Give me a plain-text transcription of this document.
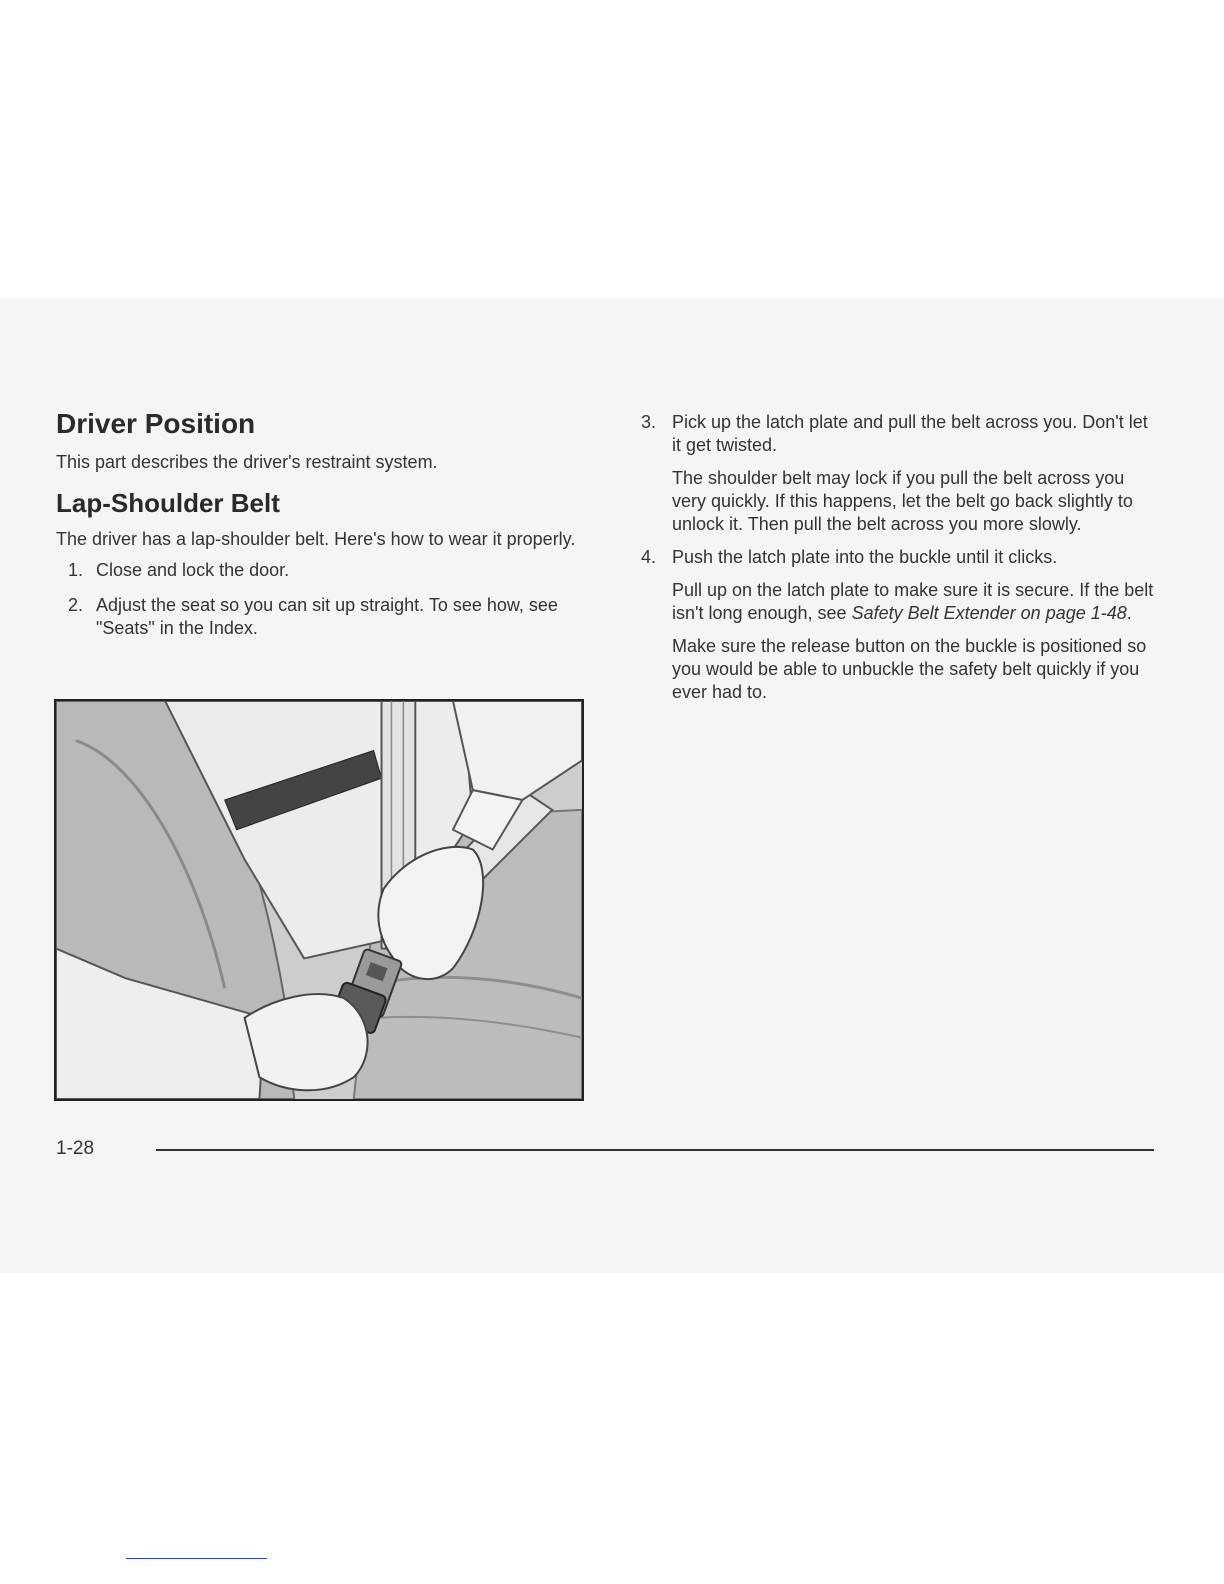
Driver Position

This part describes the driver's restraint system.

Lap-Shoulder Belt

The driver has a lap-shoulder belt. Here's how to wear it properly.

1. Close and lock the door.
2. Adjust the seat so you can sit up straight. To see how, see "Seats" in the Index.
3. Pick up the latch plate and pull the belt across you. Don't let it get twisted.

The shoulder belt may lock if you pull the belt across you very quickly. If this happens, let the belt go back slightly to unlock it. Then pull the belt across you more slowly.

4. Push the latch plate into the buckle until it clicks.

Pull up on the latch plate to make sure it is secure. If the belt isn't long enough, see Safety Belt Extender on page 1-48.

Make sure the release button on the buckle is positioned so you would be able to unbuckle the safety belt quickly if you ever had to.

1-28
